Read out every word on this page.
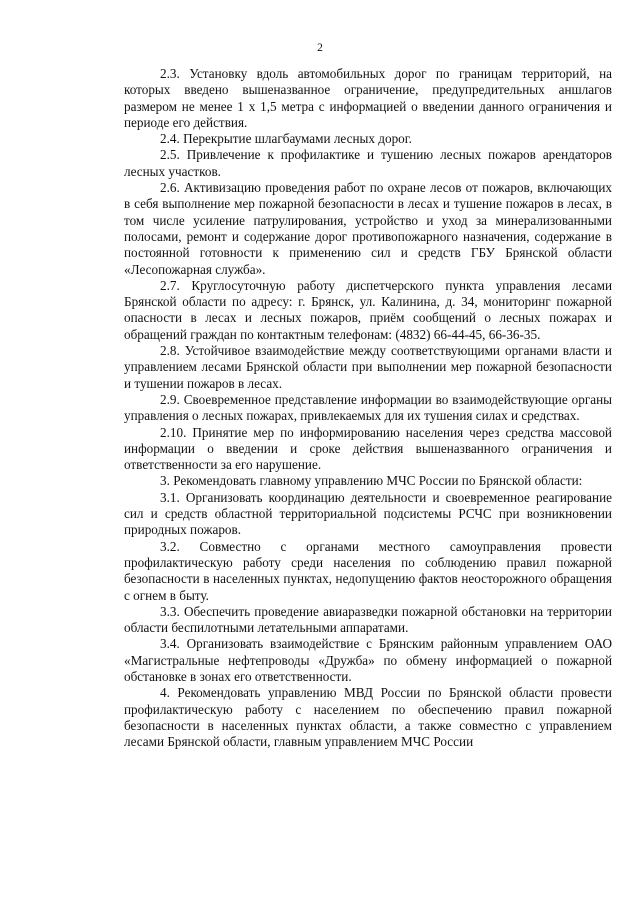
2

2.3. Установку вдоль автомобильных дорог по границам территорий, на которых введено вышеназванное ограничение, предупредительных аншлагов размером не менее 1 х 1,5 метра с информацией о введении данного ограничения и периоде его действия.

2.4. Перекрытие шлагбаумами лесных дорог.

2.5. Привлечение к профилактике и тушению лесных пожаров арендаторов лесных участков.

2.6. Активизацию проведения работ по охране лесов от пожаров, включающих в себя выполнение мер пожарной безопасности в лесах и тушение пожаров в лесах, в том числе усиление патрулирования, устройство и уход за минерализованными полосами, ремонт и содержание дорог противопожарного назначения, содержание в постоянной готовности к применению сил и средств ГБУ Брянской области «Лесопожарная служба».

2.7. Круглосуточную работу диспетчерского пункта управления лесами Брянской области по адресу: г. Брянск, ул. Калинина, д. 34, мониторинг пожарной опасности в лесах и лесных пожаров, приём сообщений о лесных пожарах и обращений граждан по контактным телефонам: (4832) 66-44-45, 66-36-35.

2.8. Устойчивое взаимодействие между соответствующими органами власти и управлением лесами Брянской области при выполнении мер пожарной безопасности и тушении пожаров в лесах.

2.9. Своевременное представление информации во взаимодействующие органы управления о лесных пожарах, привлекаемых для их тушения силах и средствах.

2.10. Принятие мер по информированию населения через средства массовой информации о введении и сроке действия вышеназванного ограничения и ответственности за его нарушение.

3. Рекомендовать главному управлению МЧС России по Брянской области:

3.1. Организовать координацию деятельности и своевременное реагирование сил и средств областной территориальной подсистемы РСЧС при возникновении природных пожаров.

3.2. Совместно с органами местного самоуправления провести профилактическую работу среди населения по соблюдению правил пожарной безопасности в населенных пунктах, недопущению фактов неосторожного обращения с огнем в быту.

3.3. Обеспечить проведение авиаразведки пожарной обстановки на территории области беспилотными летательными аппаратами.

3.4. Организовать взаимодействие с Брянским районным управлением ОАО «Магистральные нефтепроводы «Дружба» по обмену информацией о пожарной обстановке в зонах его ответственности.

4. Рекомендовать управлению МВД России по Брянской области провести профилактическую работу с населением по обеспечению правил пожарной безопасности в населенных пунктах области, а также совместно с управлением лесами Брянской области, главным управлением МЧС России
